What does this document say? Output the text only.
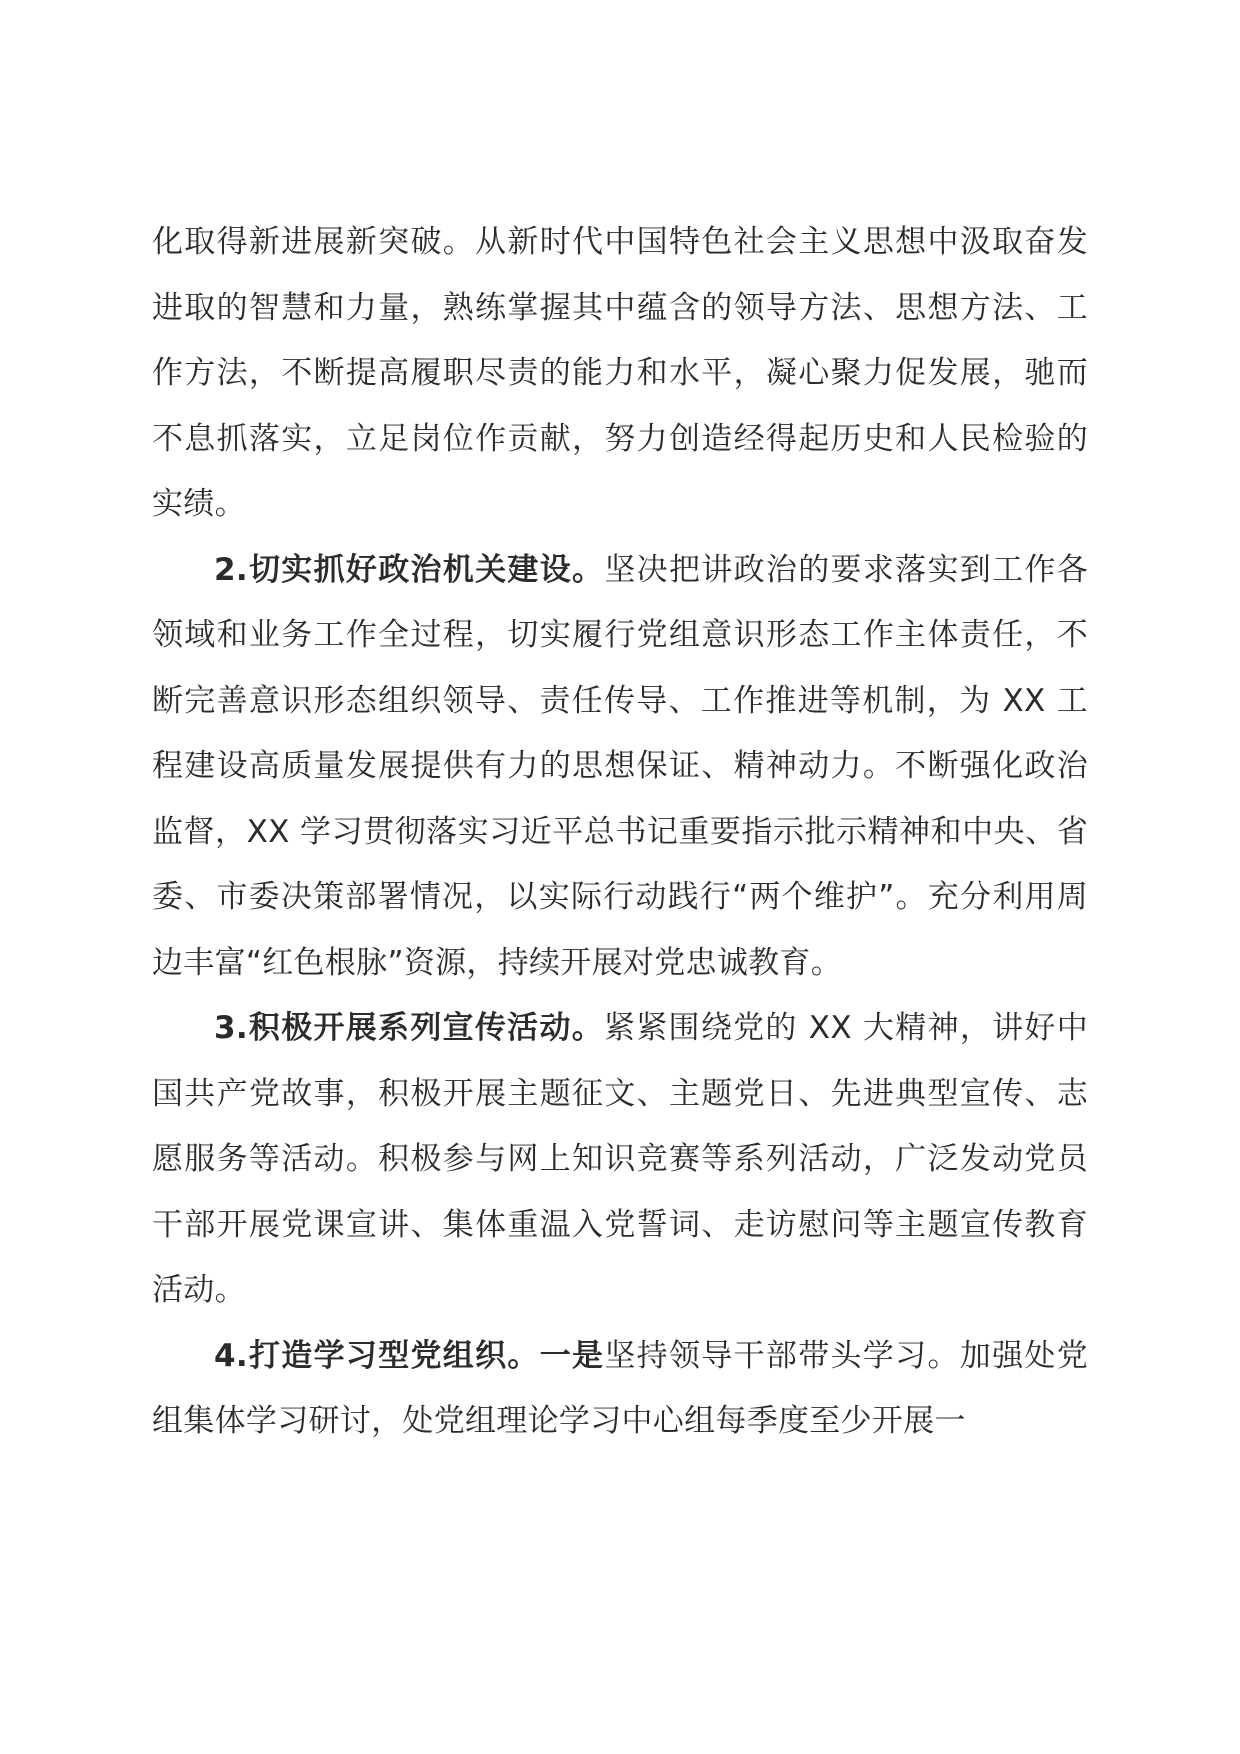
化取得新进展新突破。从新时代中国特色社会主义思想中汲取奋发进取的智慧和力量，熟练掌握其中蕴含的领导方法、思想方法、工作方法，不断提高履职尽责的能力和水平，凝心聚力促发展，驰而不息抓落实，立足岗位作贡献，努力创造经得起历史和人民检验的实绩。

2.切实抓好政治机关建设。坚决把讲政治的要求落实到工作各领域和业务工作全过程，切实履行党组意识形态工作主体责任，不断完善意识形态组织领导、责任传导、工作推进等机制，为 XX 工程建设高质量发展提供有力的思想保证、精神动力。不断强化政治监督，XX 学习贯彻落实习近平总书记重要指示批示精神和中央、省委、市委决策部署情况，以实际行动践行“两个维护”。充分利用周边丰富“红色根脉”资源，持续开展对党忠诚教育。

3.积极开展系列宣传活动。紧紧围绕党的 XX 大精神，讲好中国共产党故事，积极开展主题征文、主题党日、先进典型宣传、志愿服务等活动。积极参与网上知识竞赛等系列活动，广泛发动党员干部开展党课宣讲、集体重温入党誓词、走访慰问等主题宣传教育活动。

4.打造学习型党组织。一是坚持领导干部带头学习。加强处党组集体学习研讨，处党组理论学习中心组每季度至少开展一
